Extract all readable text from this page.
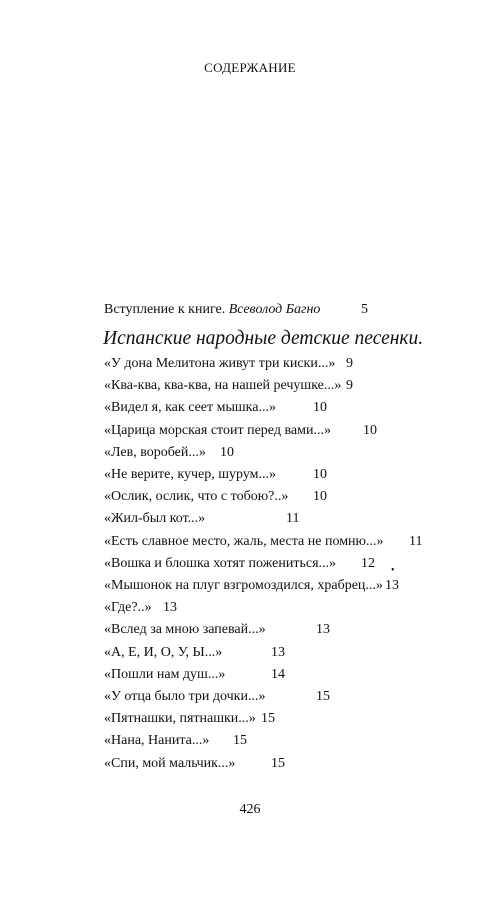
СОДЕРЖАНИЕ
Вступление к книге. Всеволод Багно	5
Испанские народные детские песенки.
«У дона Мелитона живут три киски...» 9
«Ква-ква, ква-ква, на нашей речушке...» 9
«Видел я, как сеет мышка...»	10
«Царица морская стоит перед вами...» 10
«Лев, воробей...» 10
«Не верите, кучер, шурум...»	10
«Ослик, ослик, что с тобою?..» 10
«Жил-был кот...»	11
«Есть славное место, жаль, места не помню...» 11
«Вошка и блошка хотят пожениться...» 12
«Мышонок на плуг взгромоздился, храбрец...» 13
«Где?..» 13
«Вслед за мною запевай...»	13
«А, Е, И, О, У, Ы...»	13
«Пошли нам душ...»	14
«У отца было три дочки...»	15
«Пятнашки, пятнашки...» 15
«Нана, Нанита...» 15
«Спи, мой мальчик...»	15
•
426
